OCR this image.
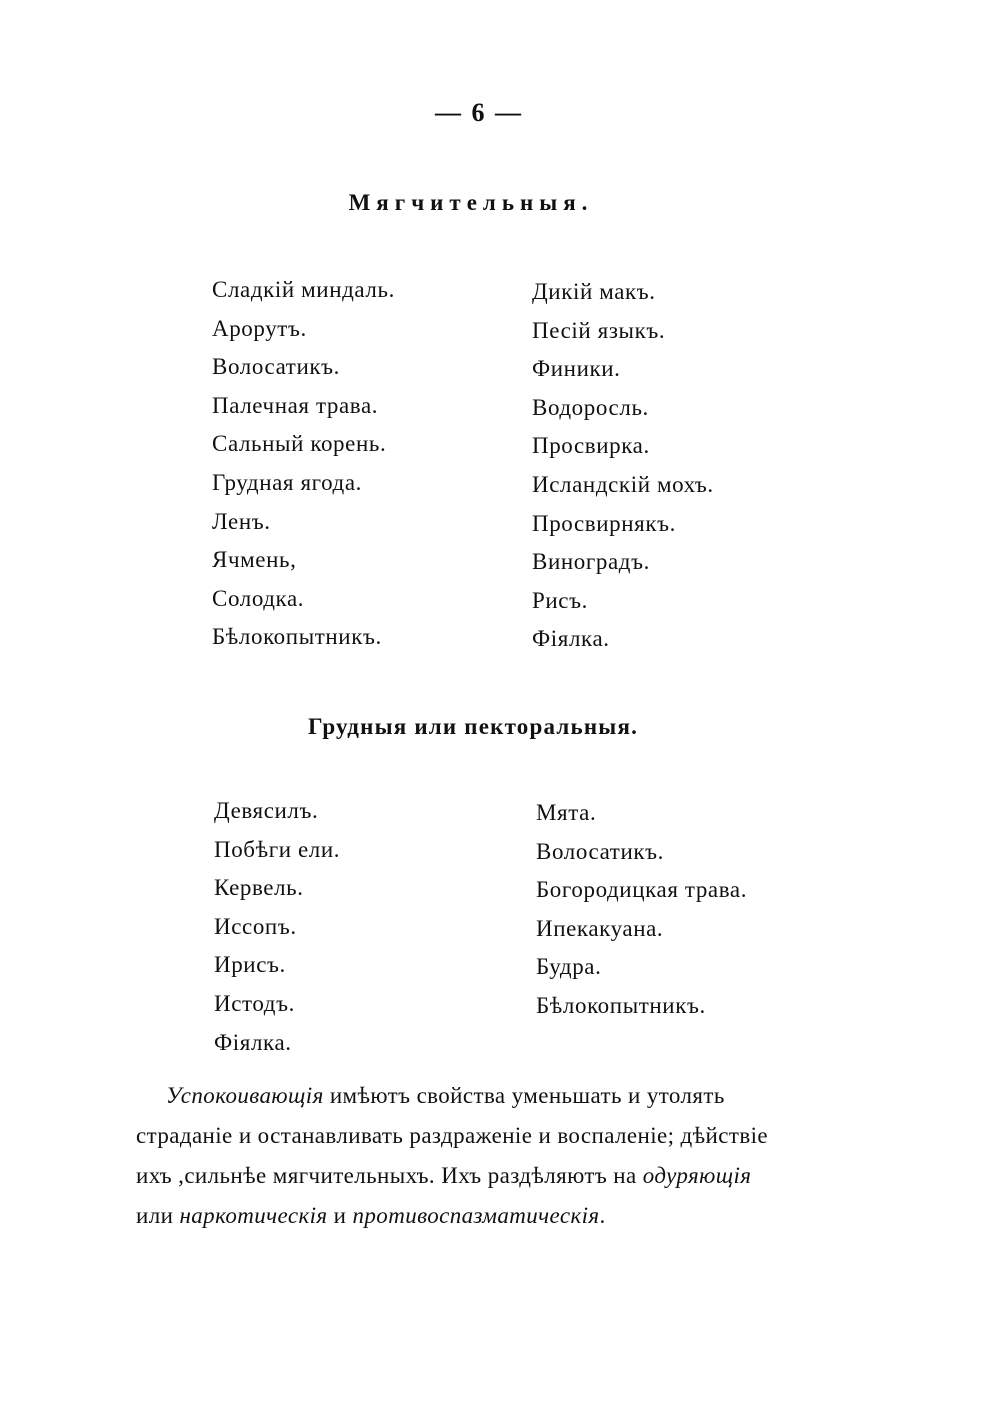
— 6 —
Мягчительныя.
Сладкій миндаль.
Арорутъ.
Волосатикъ.
Палечная трава.
Сальный корень.
Грудная ягода.
Ленъ.
Ячмень,
Солодка.
Бѣлокопытникъ.
Дикій макъ.
Песій языкъ.
Финики.
Водоросль.
Просвирка.
Исландскій мохъ.
Просвирнякъ.
Виноградъ.
Рисъ.
Фіялка.
Грудныя или пекторальныя.
Девясилъ.
Побѣги ели.
Кервель.
Иссопъ.
Ирисъ.
Истодъ.
Фіялка.
Мята.
Волосатикъ.
Богородицкая трава.
Ипекакуана.
Будра.
Бѣлокопытникъ.
Успокоивающія имѣютъ свойства уменьшать и утолять
страданіе и останавливать раздраженіе и воспаленіе; дѣйствіе
ихъ ,сильнѣе мягчительныхъ. Ихъ раздѣляютъ на одуряющія
или наркотическія и противоспазматическія.
